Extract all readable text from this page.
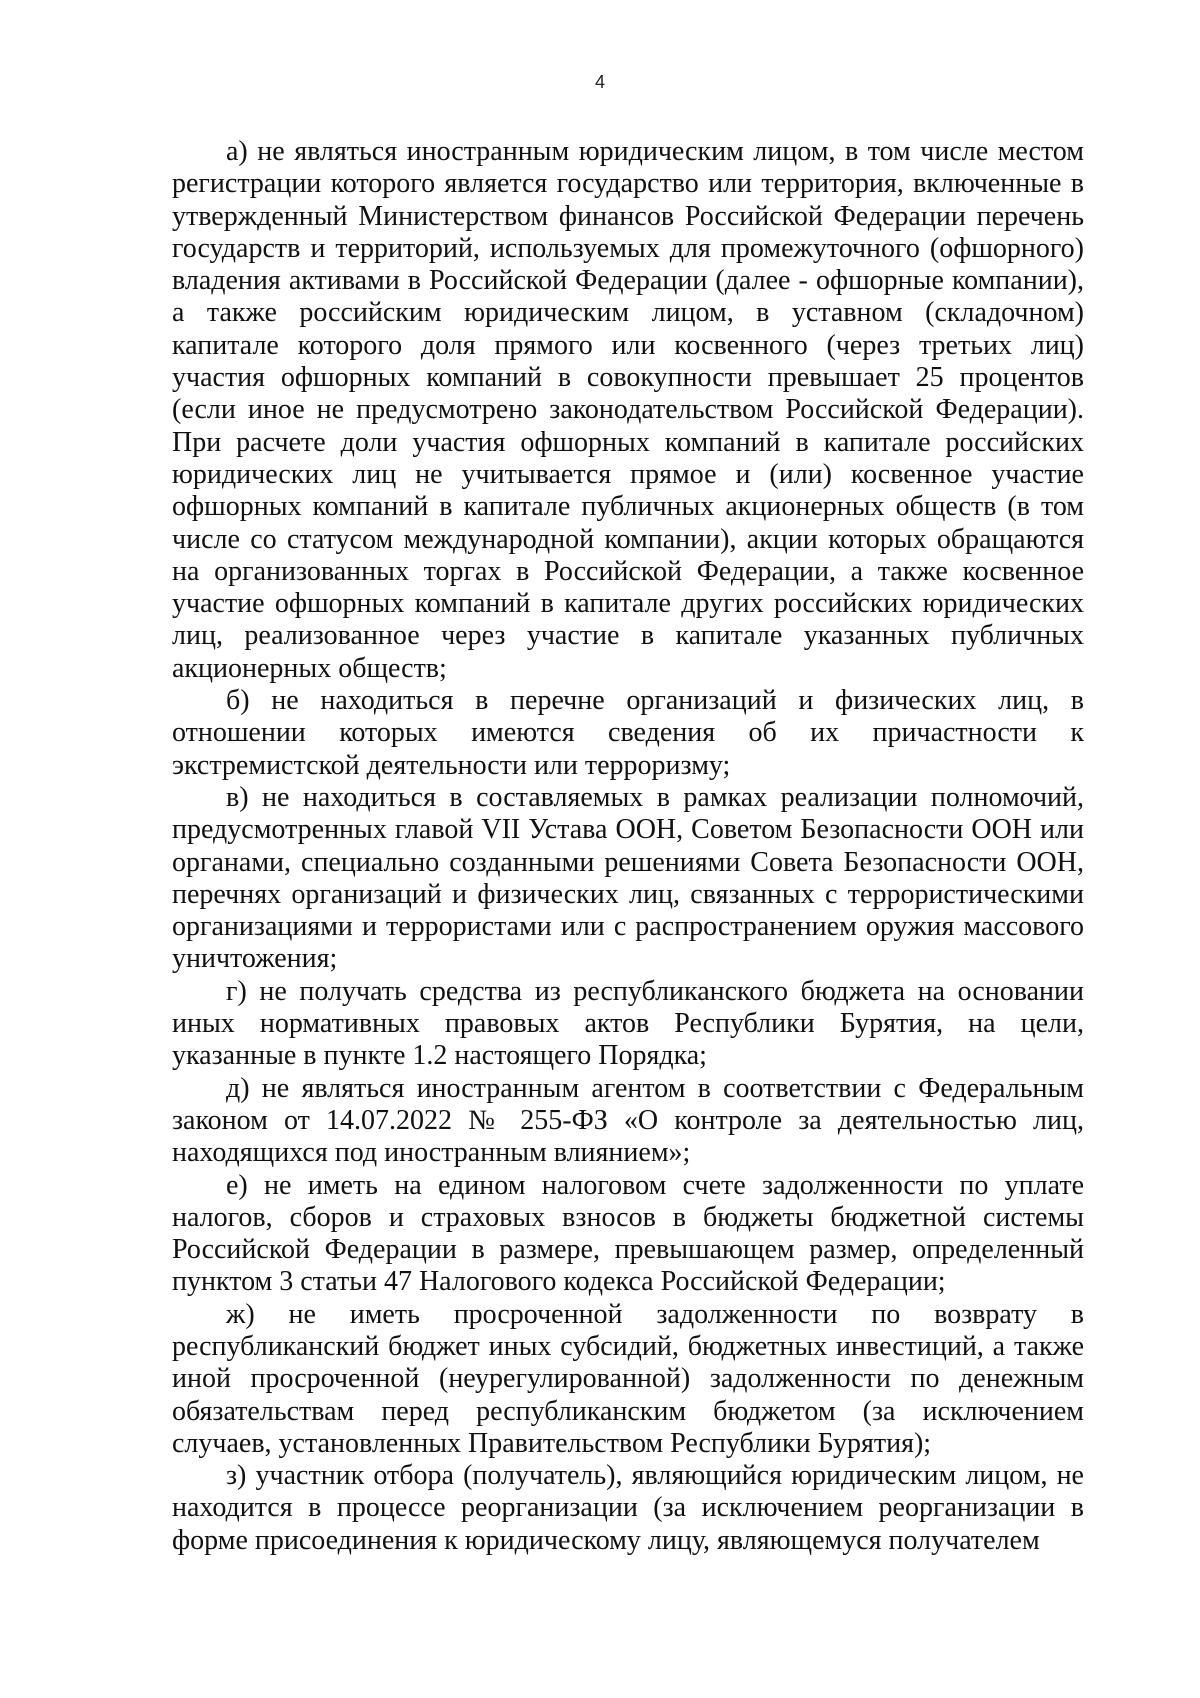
4

а) не являться иностранным юридическим лицом, в том числе местом регистрации которого является государство или территория, включенные в утвержденный Министерством финансов Российской Федерации перечень государств и территорий, используемых для промежуточного (офшорного) владения активами в Российской Федерации (далее - офшорные компании), а также российским юридическим лицом, в уставном (складочном) капитале которого доля прямого или косвенного (через третьих лиц) участия офшорных компаний в совокупности превышает 25 процентов (если иное не предусмотрено законодательством Российской Федерации). При расчете доли участия офшорных компаний в капитале российских юридических лиц не учитывается прямое и (или) косвенное участие офшорных компаний в капитале публичных акционерных обществ (в том числе со статусом международной компании), акции которых обращаются на организованных торгах в Российской Федерации, а также косвенное участие офшорных компаний в капитале других российских юридических лиц, реализованное через участие в капитале указанных публичных акционерных обществ;

б) не находиться в перечне организаций и физических лиц, в отношении которых имеются сведения об их причастности к экстремистской деятельности или терроризму;

в) не находиться в составляемых в рамках реализации полномочий, предусмотренных главой VII Устава ООН, Советом Безопасности ООН или органами, специально созданными решениями Совета Безопасности ООН, перечнях организаций и физических лиц, связанных с террористическими организациями и террористами или с распространением оружия массового уничтожения;

г) не получать средства из республиканского бюджета на основании иных нормативных правовых актов Республики Бурятия, на цели, указанные в пункте 1.2 настоящего Порядка;

д) не являться иностранным агентом в соответствии с Федеральным законом от 14.07.2022 № 255-ФЗ «О контроле за деятельностью лиц, находящихся под иностранным влиянием»;

е) не иметь на едином налоговом счете задолженности по уплате налогов, сборов и страховых взносов в бюджеты бюджетной системы Российской Федерации в размере, превышающем размер, определенный пунктом 3 статьи 47 Налогового кодекса Российской Федерации;

ж) не иметь просроченной задолженности по возврату в республиканский бюджет иных субсидий, бюджетных инвестиций, а также иной просроченной (неурегулированной) задолженности по денежным обязательствам перед республиканским бюджетом (за исключением случаев, установленных Правительством Республики Бурятия);

з) участник отбора (получатель), являющийся юридическим лицом, не находится в процессе реорганизации (за исключением реорганизации в форме присоединения к юридическому лицу, являющемуся получателем
